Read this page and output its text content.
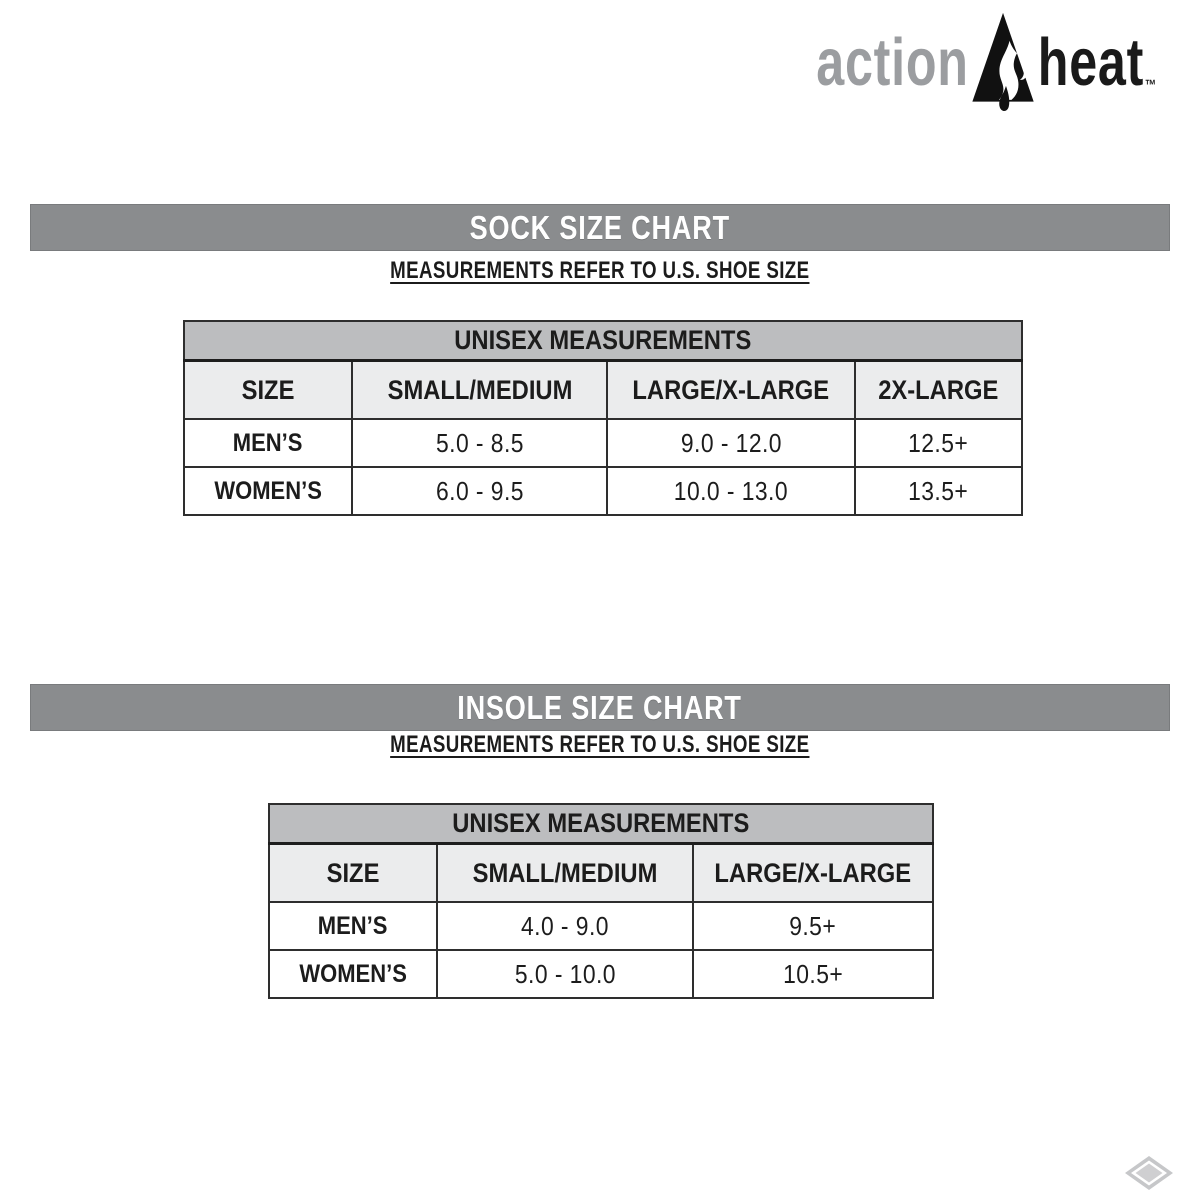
action heat ™
SOCK SIZE CHART
MEASUREMENTS REFER TO U.S. SHOE SIZE
UNISEX MEASUREMENTS			
SIZE	SMALL/MEDIUM	LARGE/X-LARGE	2X-LARGE
MEN’S	5.0 - 8.5	9.0 - 12.0	12.5+
WOMEN’S	6.0 - 9.5	10.0 - 13.0	13.5+
INSOLE SIZE CHART
MEASUREMENTS REFER TO U.S. SHOE SIZE
UNISEX MEASUREMENTS		
SIZE	SMALL/MEDIUM	LARGE/X-LARGE
MEN’S	4.0 - 9.0	9.5+
WOMEN’S	5.0 - 10.0	10.5+
